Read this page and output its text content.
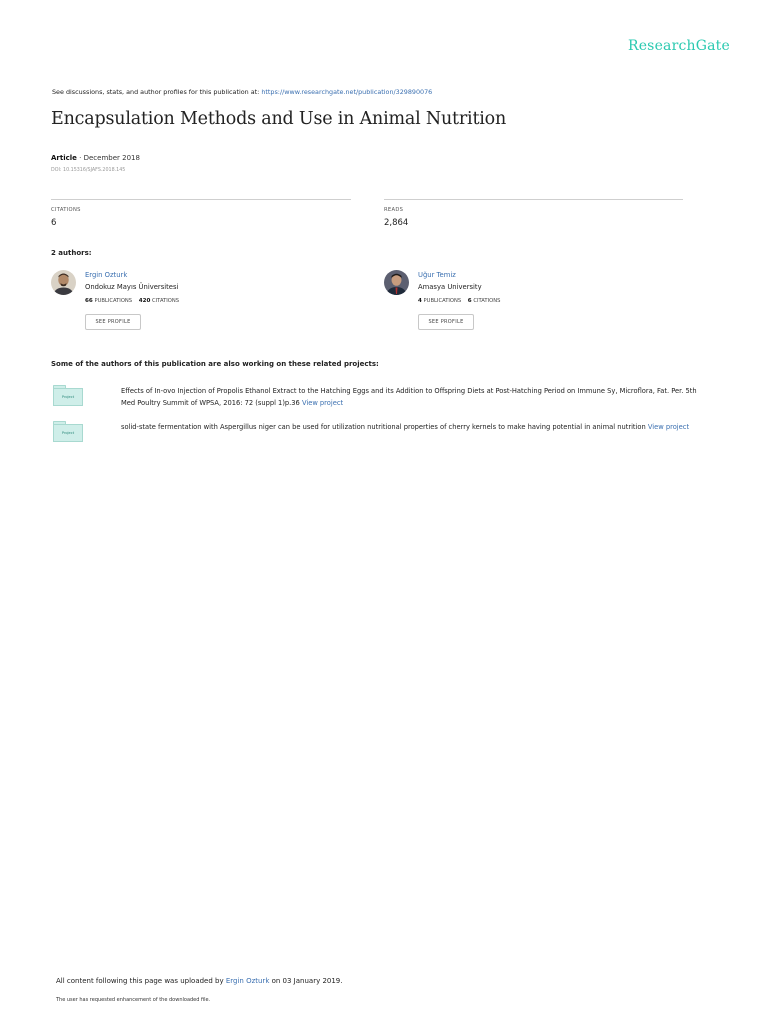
ResearchGate
See discussions, stats, and author profiles for this publication at: https://www.researchgate.net/publication/329890076
Encapsulation Methods and Use in Animal Nutrition
Article · December 2018
DOI: 10.15316/SJAFS.2018.145
CITATIONS
6
READS
2,864
2 authors:
Ergin Ozturk
Ondokuz Mayıs Üniversitesi
66 PUBLICATIONS 420 CITATIONS
SEE PROFILE
Uğur Temiz
Amasya University
4 PUBLICATIONS 6 CITATIONS
SEE PROFILE
Some of the authors of this publication are also working on these related projects:
Project
Effects of In-ovo Injection of Propolis Ethanol Extract to the Hatching Eggs and its Addition to Offspring Diets at Post-Hatching Period on Immune Sy, Microflora, Fat. Per. 5th Med Poultry Summit of WPSA, 2016: 72 (suppl 1)p.36 View project
Project
solid-state fermentation with Aspergillus niger can be used for utilization nutritional properties of cherry kernels to make having potential in animal nutrition View project
All content following this page was uploaded by Ergin Ozturk on 03 January 2019.
The user has requested enhancement of the downloaded file.
